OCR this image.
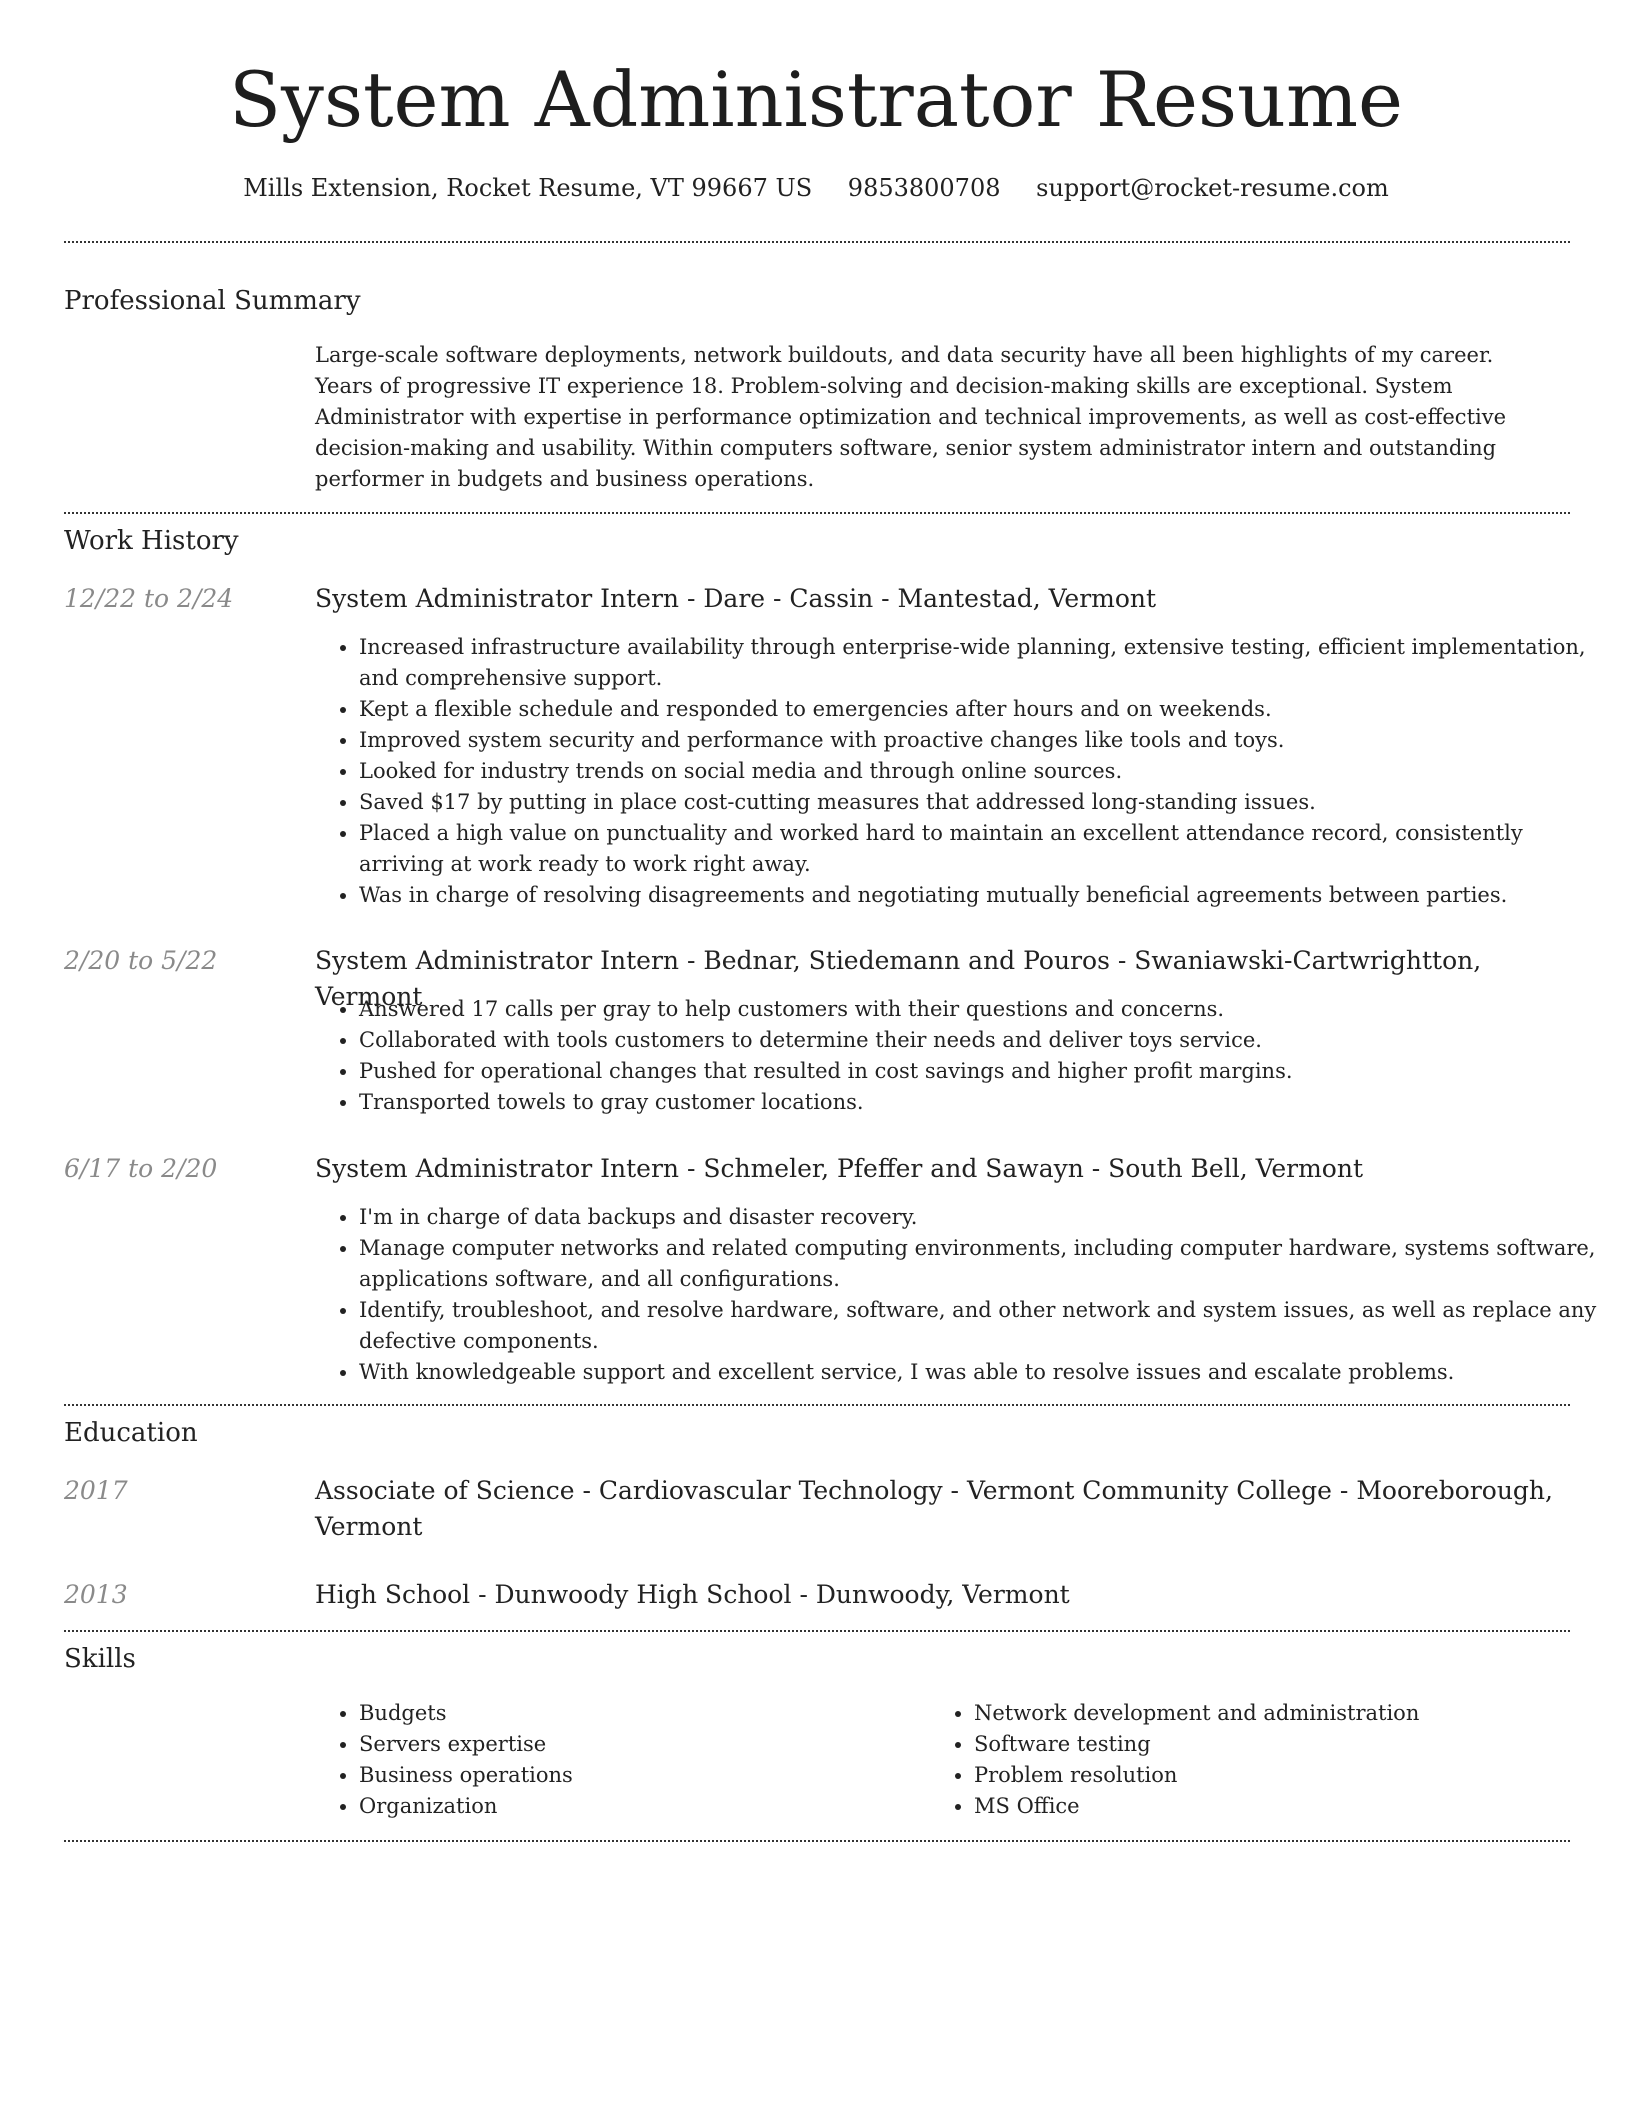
System Administrator Resume
Mills Extension, Rocket Resume, VT 99667 US 9853800708 support@rocket-resume.com
Professional Summary
Large-scale software deployments, network buildouts, and data security have all been highlights of my career. Years of progressive IT experience 18. Problem-solving and decision-making skills are exceptional. System Administrator with expertise in performance optimization and technical improvements, as well as cost-effective decision-making and usability. Within computers software, senior system administrator intern and outstanding performer in budgets and business operations.
Work History
12/22 to 2/24	System Administrator Intern - Dare - Cassin - Mantestad, Vermont
• Increased infrastructure availability through enterprise-wide planning, extensive testing, efficient implementation, and comprehensive support.
• Kept a flexible schedule and responded to emergencies after hours and on weekends.
• Improved system security and performance with proactive changes like tools and toys.
• Looked for industry trends on social media and through online sources.
• Saved $17 by putting in place cost-cutting measures that addressed long-standing issues.
• Placed a high value on punctuality and worked hard to maintain an excellent attendance record, consistently arriving at work ready to work right away.
• Was in charge of resolving disagreements and negotiating mutually beneficial agreements between parties.
2/20 to 5/22	System Administrator Intern - Bednar, Stiedemann and Pouros - Swaniawski-Cartwrightton, Vermont
• Answered 17 calls per gray to help customers with their questions and concerns.
• Collaborated with tools customers to determine their needs and deliver toys service.
• Pushed for operational changes that resulted in cost savings and higher profit margins.
• Transported towels to gray customer locations.
6/17 to 2/20	System Administrator Intern - Schmeler, Pfeffer and Sawayn - South Bell, Vermont
• I'm in charge of data backups and disaster recovery.
• Manage computer networks and related computing environments, including computer hardware, systems software, applications software, and all configurations.
• Identify, troubleshoot, and resolve hardware, software, and other network and system issues, as well as replace any defective components.
• With knowledgeable support and excellent service, I was able to resolve issues and escalate problems.
Education
2017	Associate of Science - Cardiovascular Technology - Vermont Community College - Mooreborough, Vermont
2013	High School - Dunwoody High School - Dunwoody, Vermont
Skills
• Budgets
• Servers expertise
• Business operations
• Organization
• Network development and administration
• Software testing
• Problem resolution
• MS Office
